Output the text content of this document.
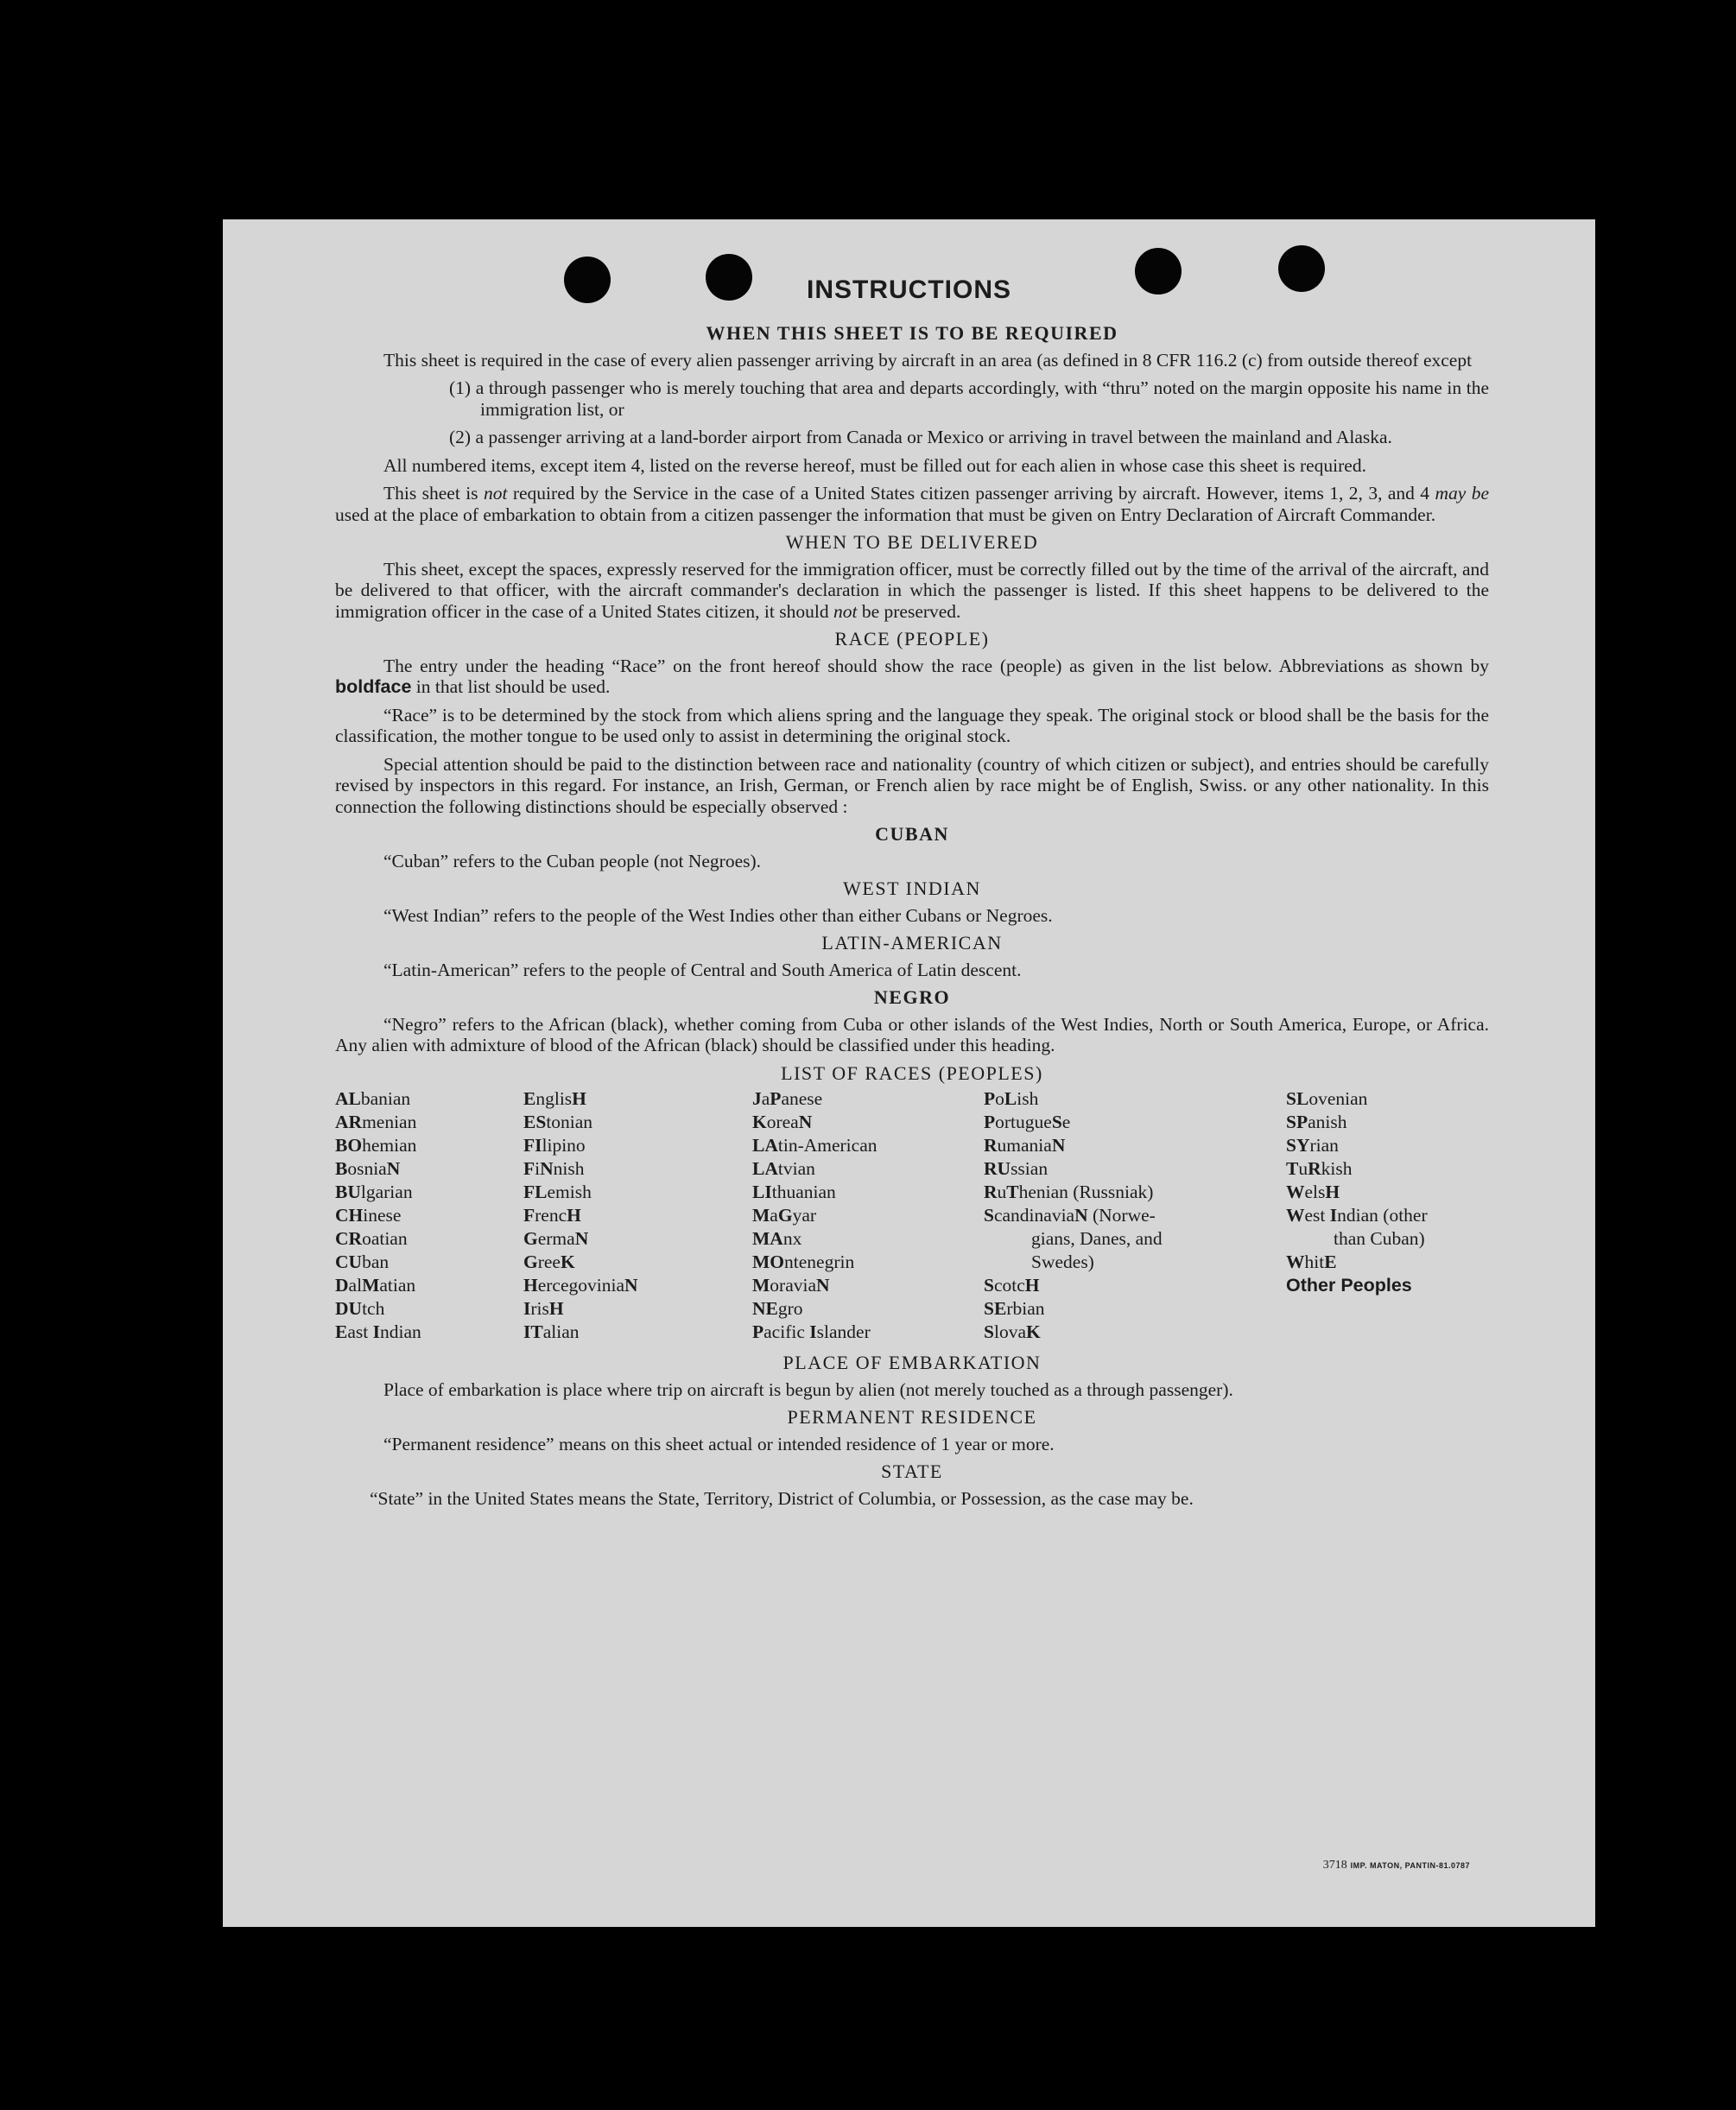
INSTRUCTIONS
WHEN THIS SHEET IS TO BE REQUIRED

This sheet is required in the case of every alien passenger arriving by aircraft in an area (as defined in 8 CFR 116.2 (c) from outside thereof except

(1) a through passenger who is merely touching that area and departs accordingly, with “thru” noted on the margin opposite his name in the immigration list, or
(2) a passenger arriving at a land-border airport from Canada or Mexico or arriving in travel between the mainland and Alaska.

All numbered items, except item 4, listed on the reverse hereof, must be filled out for each alien in whose case this sheet is required.

This sheet is not required by the Service in the case of a United States citizen passenger arriving by aircraft. However, items 1, 2, 3, and 4 may be used at the place of embarkation to obtain from a citizen passenger the information that must be given on Entry Declaration of Aircraft Commander.

WHEN TO BE DELIVERED

This sheet, except the spaces, expressly reserved for the immigration officer, must be correctly filled out by the time of the arrival of the aircraft, and be delivered to that officer, with the aircraft commander's declaration in which the passenger is listed. If this sheet happens to be delivered to the immigration officer in the case of a United States citizen, it should not be preserved.

RACE (PEOPLE)

The entry under the heading “Race” on the front hereof should show the race (people) as given in the list below. Abbreviations as shown by boldface in that list should be used.

“Race” is to be determined by the stock from which aliens spring and the language they speak. The original stock or blood shall be the basis for the classification, the mother tongue to be used only to assist in determining the original stock.

Special attention should be paid to the distinction between race and nationality (country of which citizen or subject), and entries should be carefully revised by inspectors in this regard. For instance, an Irish, German, or French alien by race might be of English, Swiss. or any other nationality. In this connection the following distinctions should be especially observed :

CUBAN

“Cuban” refers to the Cuban people (not Negroes).

WEST INDIAN

“West Indian” refers to the people of the West Indies other than either Cubans or Negroes.

LATIN-AMERICAN

“Latin-American” refers to the people of Central and South America of Latin descent.

NEGRO

“Negro” refers to the African (black), whether coming from Cuba or other islands of the West Indies, North or South America, Europe, or Africa. Any alien with admixture of blood of the African (black) should be classified under this heading.

LIST OF RACES (PEOPLES)
ALbanian
ARmenian
BOhemian
BosniaN
BUlgarian
CHinese
CRoatian
CUban
DalMatian
DUtch
East Indian
EnglisH
EStonian
FIlipino
FiNnish
FLemish
FrencH
GermaN
GreeK
HercegoviniaN
IrisH
ITalian
JaPanese
KoreaN
LAtin-American
LAtvian
LIthuanian
MaGyar
MAnx
MOntenegrin
MoraviaN
NEgro
Pacific Islander
PoLish
PortugueSe
RumaniaN
RUssian
RuThenian (Russniak)
ScandinaviaN (Norwe-
gians, Danes, and
Swedes)
ScotcH
SErbian
SlovaK
SLovenian
SPanish
SYrian
TuRkish
WelsH
West Indian (other
than Cuban)
WhitE
Other Peoples
PLACE OF EMBARKATION

Place of embarkation is place where trip on aircraft is begun by alien (not merely touched as a through passenger).

PERMANENT RESIDENCE

“Permanent residence” means on this sheet actual or intended residence of 1 year or more.

STATE

“State” in the United States means the State, Territory, District of Columbia, or Possession, as the case may be.

3718 IMP. MATON, PANTIN-81.0787
